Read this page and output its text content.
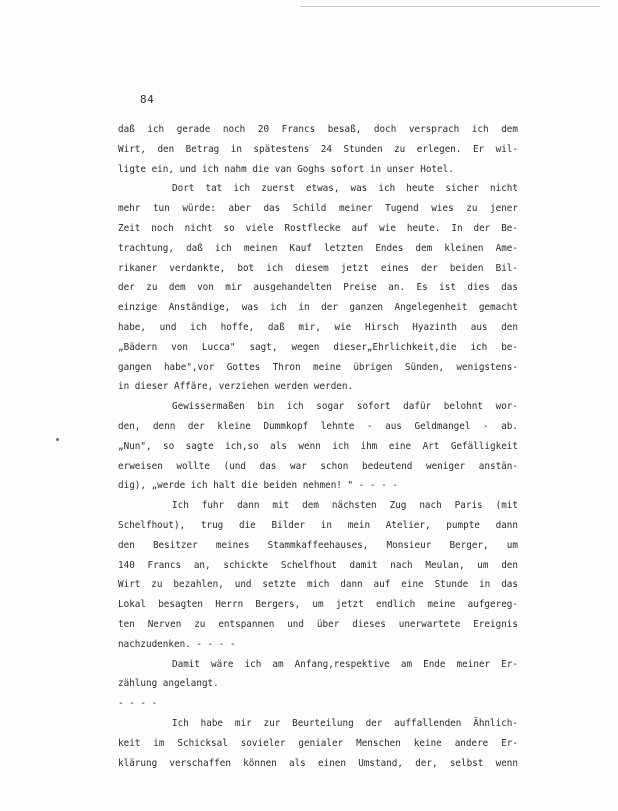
84
daß ich gerade noch 20 Francs besaß, doch versprach ich dem
Wirt, den Betrag in spätestens 24 Stunden zu erlegen. Er wil-
ligte ein, und ich nahm die van Goghs sofort in unser Hotel.
Dort tat ich zuerst etwas, was ich heute sicher nicht
mehr tun würde: aber das Schild meiner Tugend wies zu jener
Zeit noch nicht so viele Rostflecke auf wie heute. In der Be-
trachtung, daß ich meinen Kauf letzten Endes dem kleinen Ame-
rikaner verdankte, bot ich diesem jetzt eines der beiden Bil-
der zu dem von mir ausgehandelten Preise an. Es ist dies das
einzige Anständige, was ich in der ganzen Angelegenheit gemacht
habe, und ich hoffe, daß mir, wie Hirsch Hyazinth aus den
„Bädern von Lucca" sagt, wegen dieser„Ehrlichkeit,die ich be-
gangen habe",vor Gottes Thron meine übrigen Sünden, wenigstens-
in dieser Affäre, verziehen werden werden.
Gewissermaßen bin ich sogar sofort dafür belohnt wor-
den, denn der kleine Dummkopf lehnte - aus Geldmangel - ab.
„Nun", so sagte ich,so als wenn ich ihm eine Art Gefälligkeit
erweisen wollte (und das war schon bedeutend weniger anstän-
dig), „werde ich halt die beiden nehmen! " - - - -
Ich fuhr dann mit dem nächsten Zug nach Paris (mit
Schelfhout), trug die Bilder in mein Atelier, pumpte dann
den Besitzer meines Stammkaffeehauses, Monsieur Berger, um
140 Francs an, schickte Schelfhout damit nach Meulan, um den
Wirt zu bezahlen, und setzte mich dann auf eine Stunde in das
Lokal besagten Herrn Bergers, um jetzt endlich meine aufgereg-
ten Nerven zu entspannen und über dieses unerwartete Ereignis
nachzudenken. - - - -
Damit wäre ich am Anfang,respektive am Ende meiner Er-
zählung angelangt.
- - - -
Ich habe mir zur Beurteilung der auffallenden Ähnlich-
keit im Schicksal sovieler genialer Menschen keine andere Er-
klärung verschaffen können als einen Umstand, der, selbst wenn
